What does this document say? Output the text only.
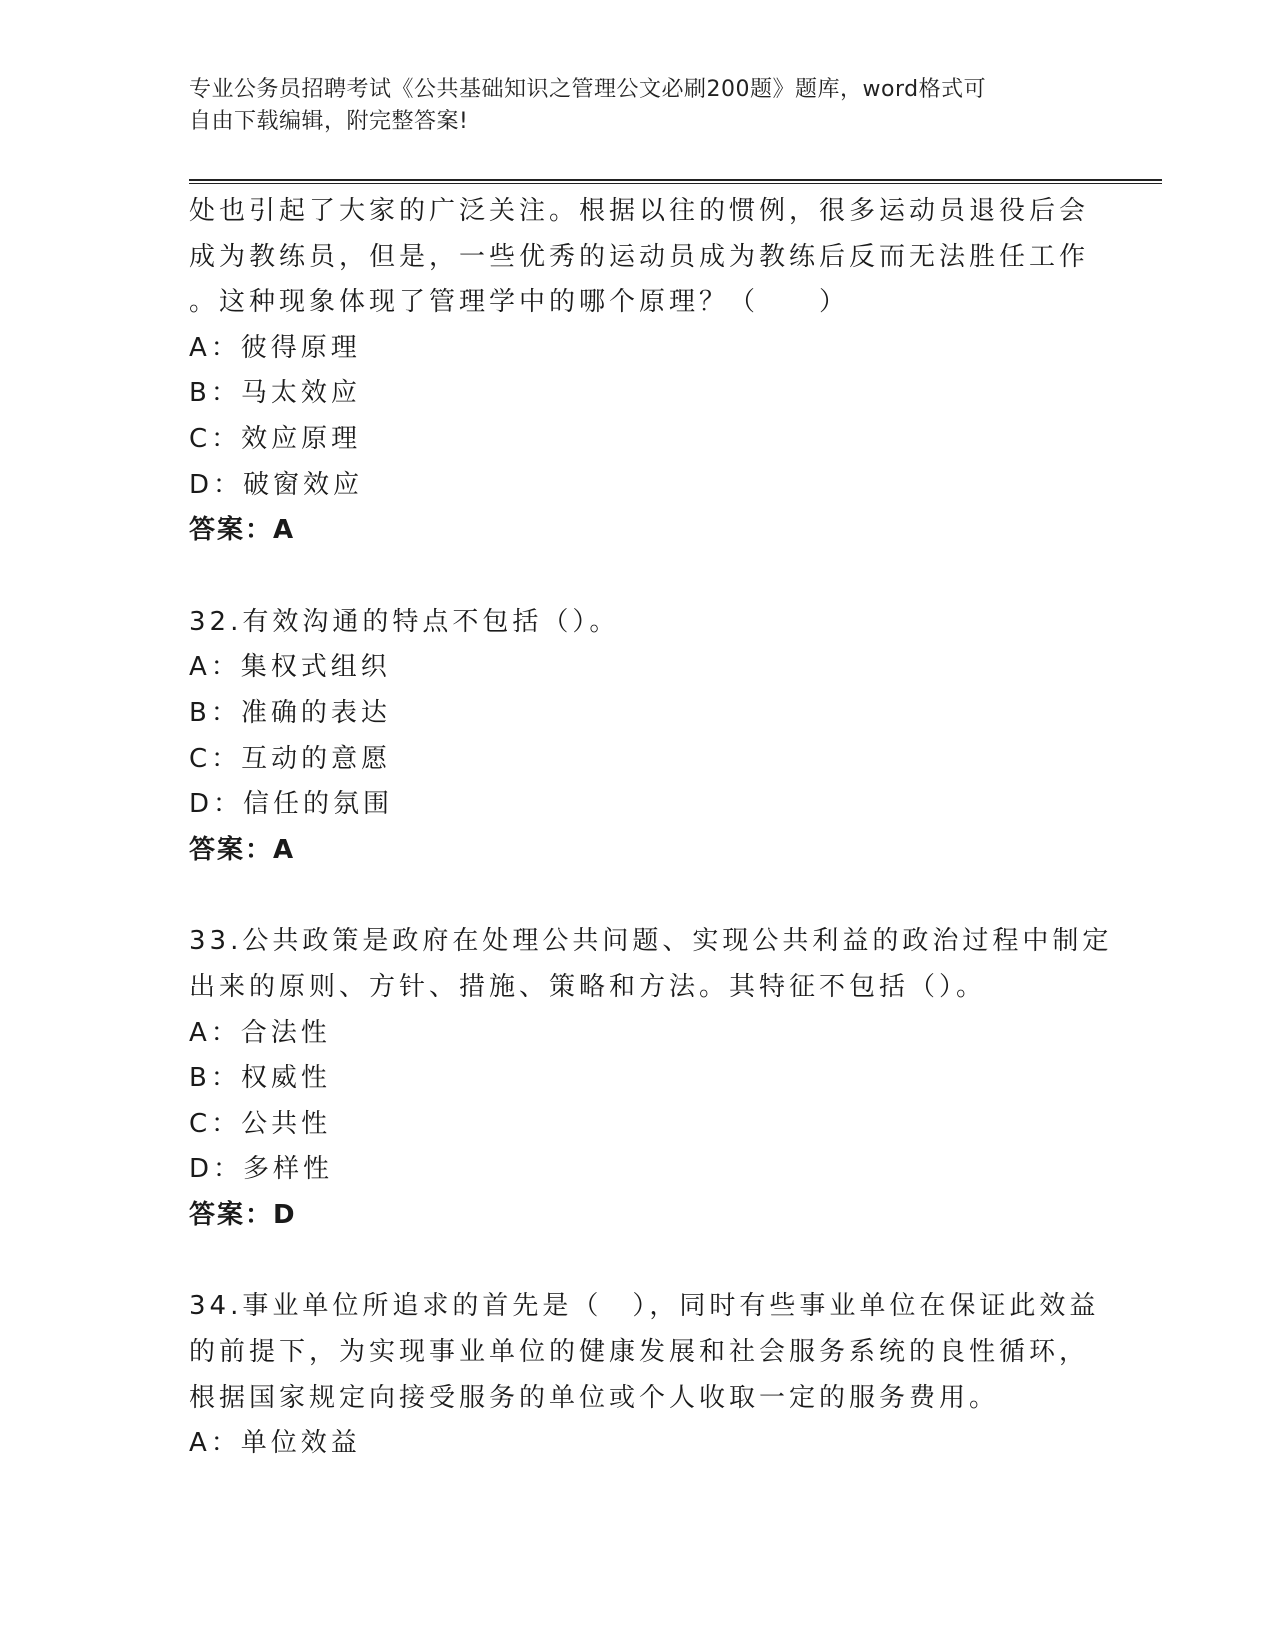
专业公务员招聘考试《公共基础知识之管理公文必刷200题》题库，word格式可
自由下载编辑，附完整答案!
处也引起了大家的广泛关注。根据以往的惯例，很多运动员退役后会
成为教练员，但是，一些优秀的运动员成为教练后反而无法胜任工作
。这种现象体现了管理学中的哪个原理？（　　）
A：彼得原理
B：马太效应
C：效应原理
D：破窗效应
答案：A
32.有效沟通的特点不包括（）。
A：集权式组织
B：准确的表达
C：互动的意愿
D：信任的氛围
答案：A
33.公共政策是政府在处理公共问题、实现公共利益的政治过程中制定
出来的原则、方针、措施、策略和方法。其特征不包括（）。
A：合法性
B：权威性
C：公共性
D：多样性
答案：D
34.事业单位所追求的首先是（　），同时有些事业单位在保证此效益
的前提下，为实现事业单位的健康发展和社会服务系统的良性循环，
根据国家规定向接受服务的单位或个人收取一定的服务费用。
A：单位效益
